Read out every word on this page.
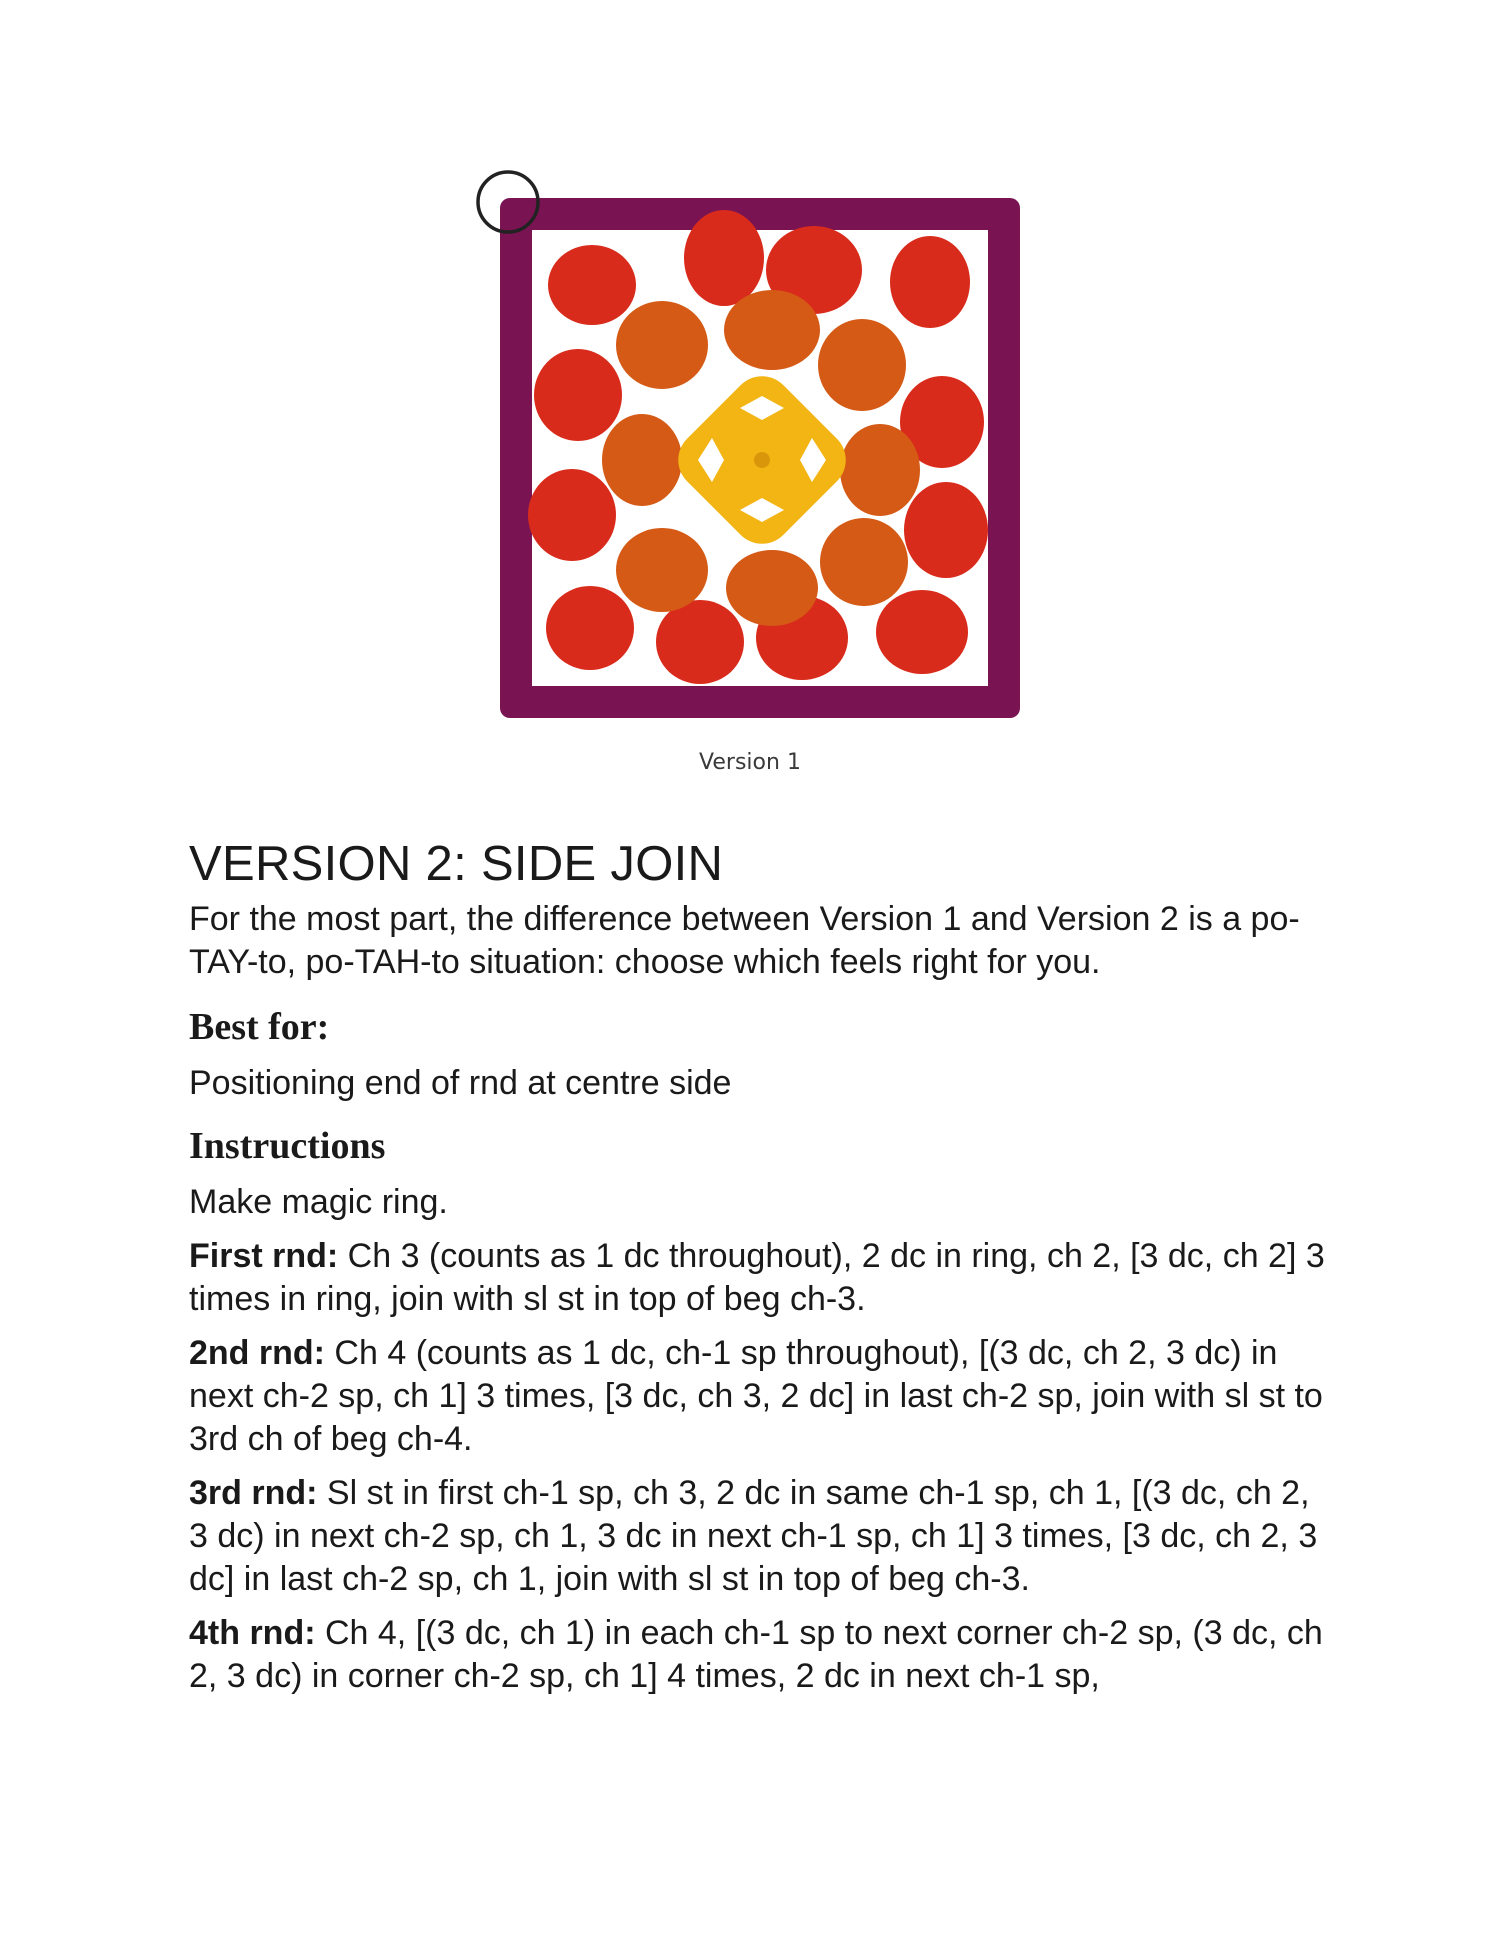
Version 1
VERSION 2: SIDE JOIN

For the most part, the difference between Version 1 and Version 2 is a po-TAY-to, po-TAH-to situation: choose which feels right for you.

Best for:

Positioning end of rnd at centre side

Instructions

Make magic ring.

First rnd: Ch 3 (counts as 1 dc throughout), 2 dc in ring, ch 2, [3 dc, ch 2] 3 times in ring, join with sl st in top of beg ch-3.

2nd rnd: Ch 4 (counts as 1 dc, ch-1 sp throughout), [(3 dc, ch 2, 3 dc) in next ch-2 sp, ch 1] 3 times, [3 dc, ch 3, 2 dc] in last ch-2 sp, join with sl st to 3rd ch of beg ch-4.

3rd rnd: Sl st in first ch-1 sp, ch 3, 2 dc in same ch-1 sp, ch 1, [(3 dc, ch 2, 3 dc) in next ch-2 sp, ch 1, 3 dc in next ch-1 sp, ch 1] 3 times, [3 dc, ch 2, 3 dc] in last ch-2 sp, ch 1, join with sl st in top of beg ch-3.

4th rnd: Ch 4, [(3 dc, ch 1) in each ch-1 sp to next corner ch-2 sp, (3 dc, ch 2, 3 dc) in corner ch-2 sp, ch 1] 4 times, 2 dc in next ch-1 sp,
